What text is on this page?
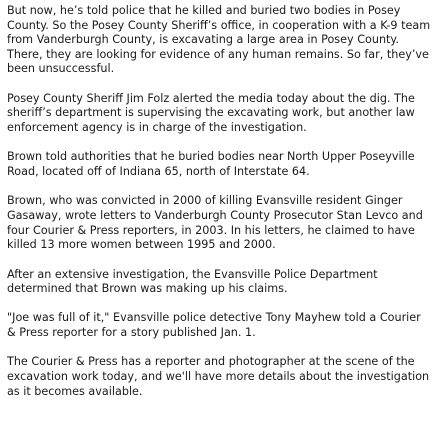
But now, he’s told police that he killed and buried two bodies in Posey County. So the Posey County Sheriff’s office, in cooperation with a K-9 team from Vanderburgh County, is excavating a large area in Posey County. There, they are looking for evidence of any human remains. So far, they’ve been unsuccessful.

Posey County Sheriff Jim Folz alerted the media today about the dig. The sheriff’s department is supervising the excavating work, but another law enforcement agency is in charge of the investigation.

Brown told authorities that he buried bodies near North Upper Poseyville Road, located off of Indiana 65, north of Interstate 64.

Brown, who was convicted in 2000 of killing Evansville resident Ginger Gasaway, wrote letters to Vanderburgh County Prosecutor Stan Levco and four Courier & Press reporters, in 2003. In his letters, he claimed to have killed 13 more women between 1995 and 2000.

After an extensive investigation, the Evansville Police Department determined that Brown was making up his claims.

"Joe was full of it," Evansville police detective Tony Mayhew told a Courier & Press reporter for a story published Jan. 1.

The Courier & Press has a reporter and photographer at the scene of the excavation work today, and we'll have more details about the investigation as it becomes available.
